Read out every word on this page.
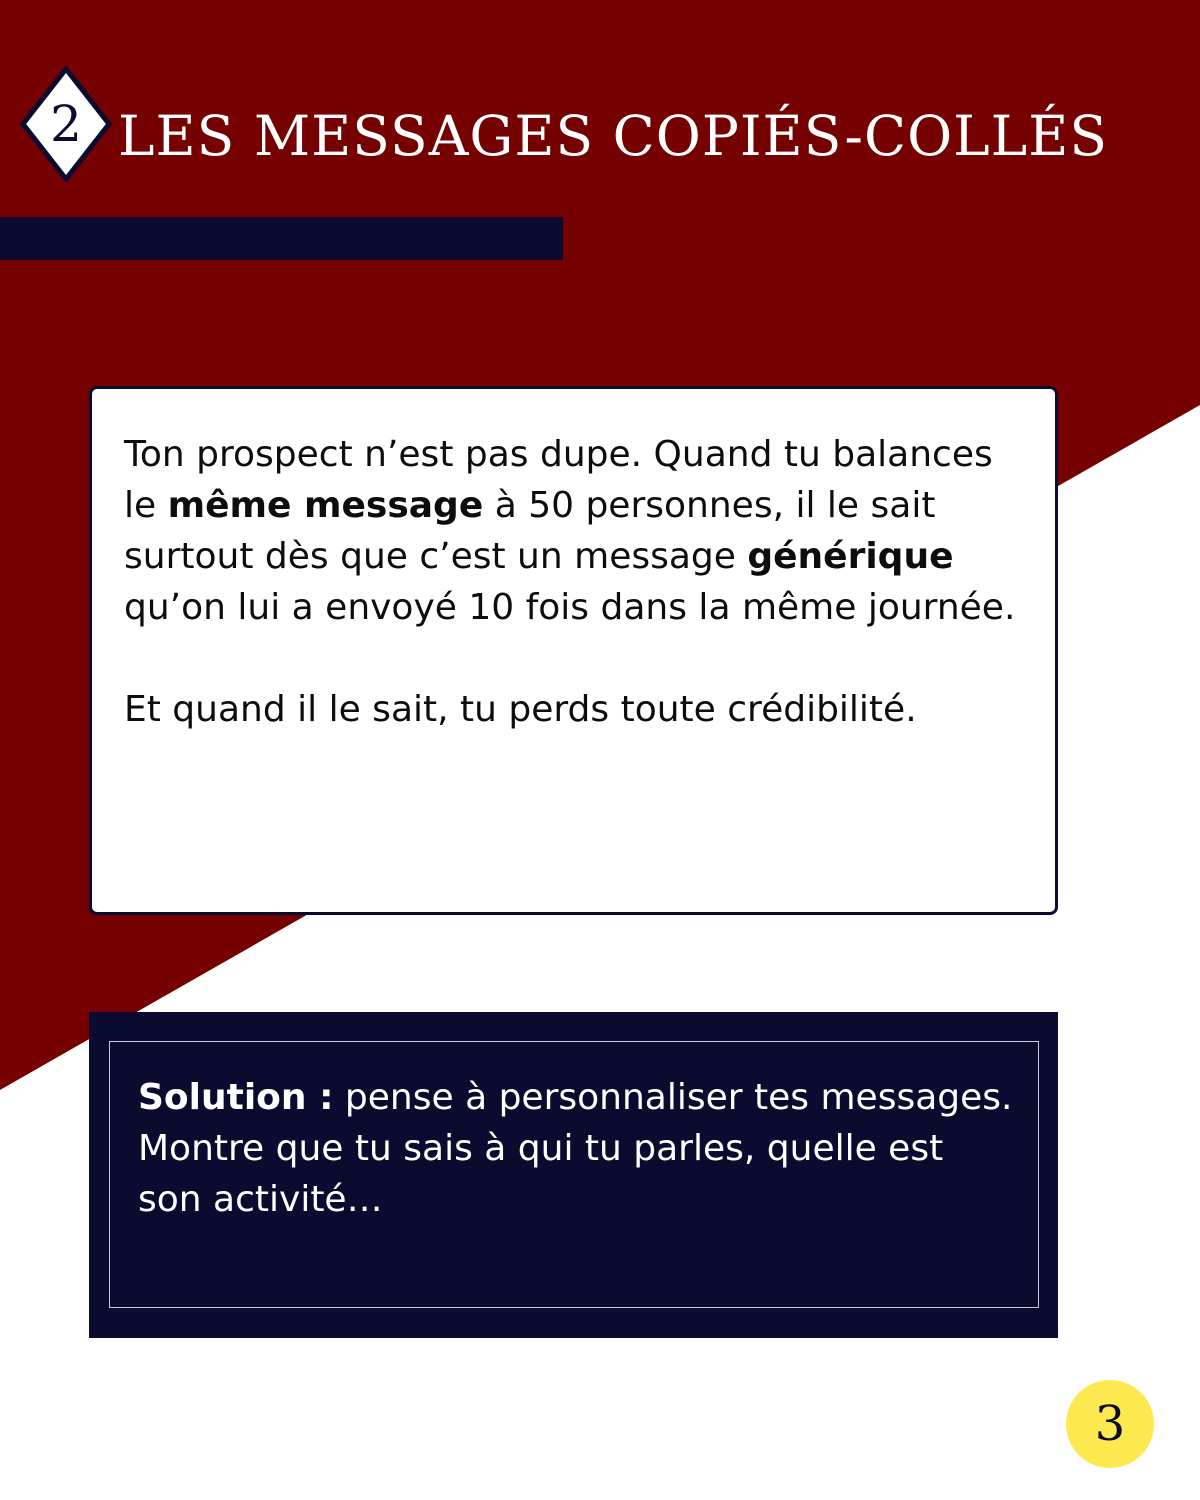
2 LES MESSAGES COPIÉS-COLLÉS

Ton prospect n’est pas dupe. Quand tu balances le même message à 50 personnes, il le sait surtout dès que c’est un message générique qu’on lui a envoyé 10 fois dans la même journée.

Et quand il le sait, tu perds toute crédibilité.

Solution : pense à personnaliser tes messages. Montre que tu sais à qui tu parles, quelle est son activité…
3
